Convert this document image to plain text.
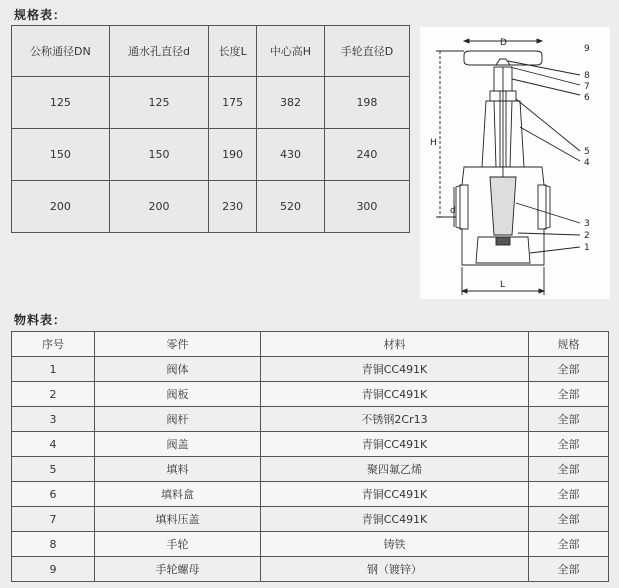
规格表：
公称通径DN	通水孔直径d	长度L	中心高H	手轮直径D
125	125	175	382	198
150	150	190	430	240
200	200	230	520	300
D
H
d
L
9
8
7
6
5
4
3
2
1
物料表：
序号	零件	材料	规格
1	阀体	青铜CC491K	全部
2	阀板	青铜CC491K	全部
3	阀杆	不锈钢2Cr13	全部
4	阀盖	青铜CC491K	全部
5	填料	聚四氟乙烯	全部
6	填料盒	青铜CC491K	全部
7	填料压盖	青铜CC491K	全部
8	手轮	铸铁	全部
9	手轮螺母	钢（镀锌）	全部
